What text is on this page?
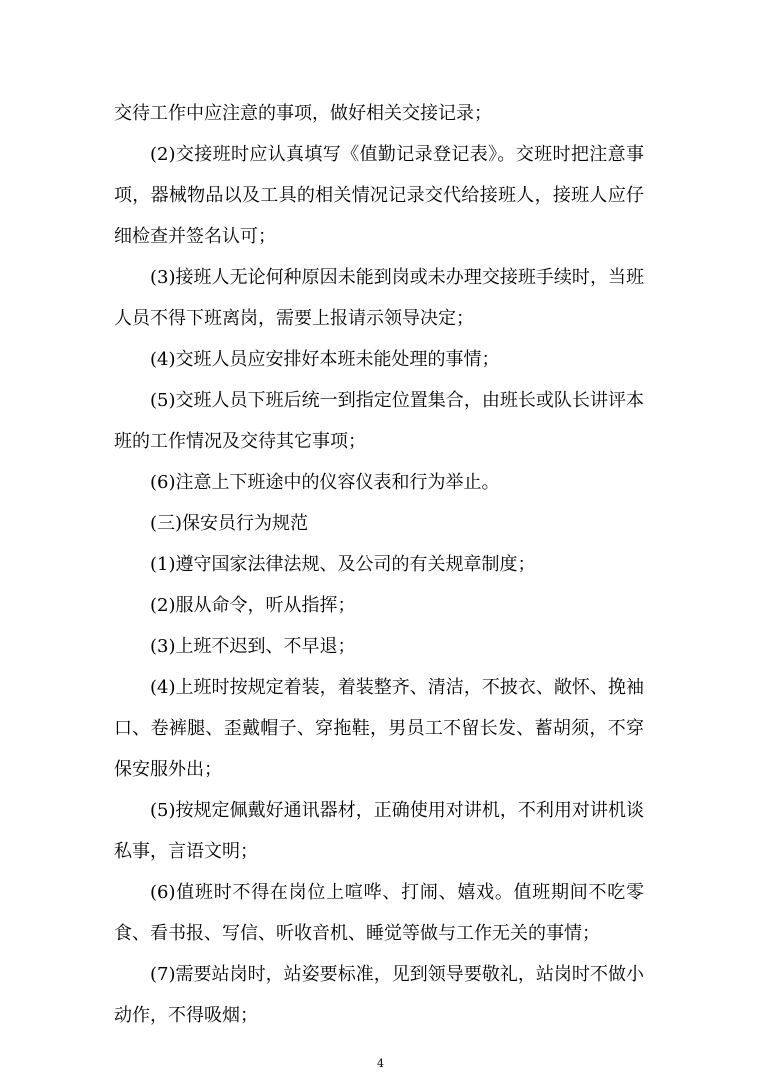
交待工作中应注意的事项，做好相关交接记录；

(2)交接班时应认真填写《值勤记录登记表》。交班时把注意事项，器械物品以及工具的相关情况记录交代给接班人，接班人应仔细检查并签名认可；

(3)接班人无论何种原因未能到岗或未办理交接班手续时，当班人员不得下班离岗，需要上报请示领导决定；

(4)交班人员应安排好本班未能处理的事情；

(5)交班人员下班后统一到指定位置集合，由班长或队长讲评本班的工作情况及交待其它事项；

(6)注意上下班途中的仪容仪表和行为举止。

(三)保安员行为规范

(1)遵守国家法律法规、及公司的有关规章制度；

(2)服从命令，听从指挥；

(3)上班不迟到、不早退；

(4)上班时按规定着装，着装整齐、清洁，不披衣、敞怀、挽袖口、卷裤腿、歪戴帽子、穿拖鞋，男员工不留长发、蓄胡须，不穿保安服外出；

(5)按规定佩戴好通讯器材，正确使用对讲机，不利用对讲机谈私事，言语文明；

(6)值班时不得在岗位上喧哗、打闹、嬉戏。值班期间不吃零食、看书报、写信、听收音机、睡觉等做与工作无关的事情；

(7)需要站岗时，站姿要标准，见到领导要敬礼，站岗时不做小动作，不得吸烟；

4
